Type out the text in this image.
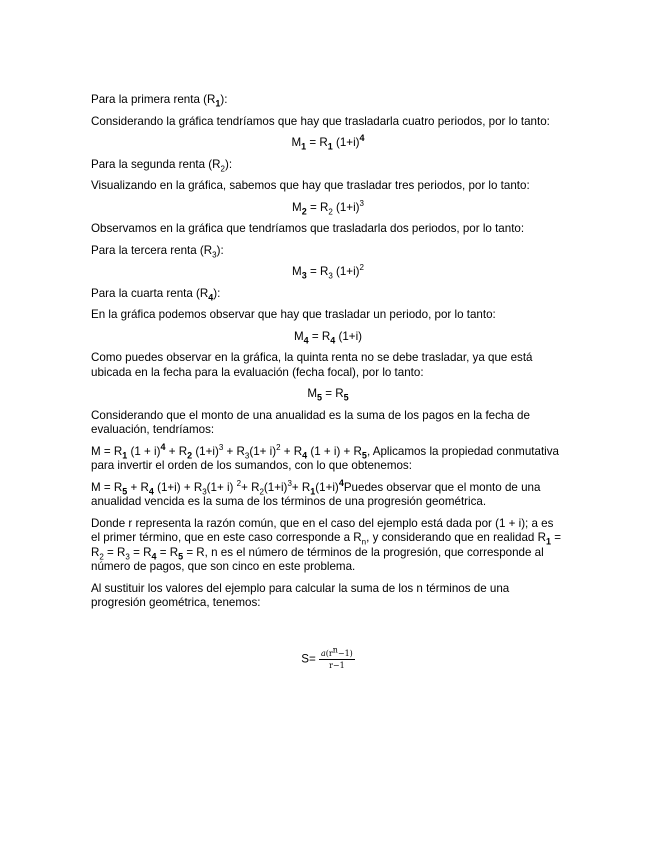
Para la primera renta $(R_1)$:

Considerando la gráfica tendríamos que hay que trasladarla cuatro periodos, por lo tanto:

$M_1 = R_1$ $(1+i)^4$

Para la segunda renta $(R_2)$:

Visualizando en la gráfica, sabemos que hay que trasladar tres periodos, por lo tanto:

$M_2 = R_2$ $(1+i)^3$

Observamos en la gráfica que tendríamos que trasladarla dos periodos, por lo tanto:

Para la tercera renta $(R_3)$:

$M_3 = R_3$ $(1+i)^2$

Para la cuarta renta $(R_4)$:

En la gráfica podemos observar que hay que trasladar un periodo, por lo tanto:

$M_4 = R_4$ (1+i)

Como puedes observar en la gráfica, la quinta renta no se debe trasladar, ya que está ubicada en la fecha para la evaluación (fecha focal), por lo tanto:

$M_5 = R_5$

Considerando que el monto de una anualidad es la suma de los pagos en la fecha de evaluación, tendríamos:

$M = R_1$ $(1 + i)^4 + R_2$ $(1+i)^3 + R_3(1+ i)^2 + R_4$ $(1 + i) + R_5$, Aplicamos la propiedad conmutativa para invertir el orden de los sumandos, con lo que obtenemos:

$M = R_5 + R_4$ $(1+i) + R_3(1+ i)$ $^2+ R_2(1+i)^3+$ $R_1(1+i)^4Puedes$ observar que el monto de una anualidad vencida es la suma de los términos de una progresión geométrica.

Donde r representa la razón común, que en el caso del ejemplo está dada por (1 + i); a es el primer término, que en este caso corresponde a $R_n$, y considerando que en realidad $R_1 = R_2 = R_3 = R_4 = R_5 = R$, n es el número de términos de la progresión, que corresponde al número de pagos, que son cinco en este problema.

Al sustituir los valores del ejemplo para calcular la suma de los n términos de una progresión geométrica, tenemos:

$S= \frac{a(r^n-1)}{r-1}$
